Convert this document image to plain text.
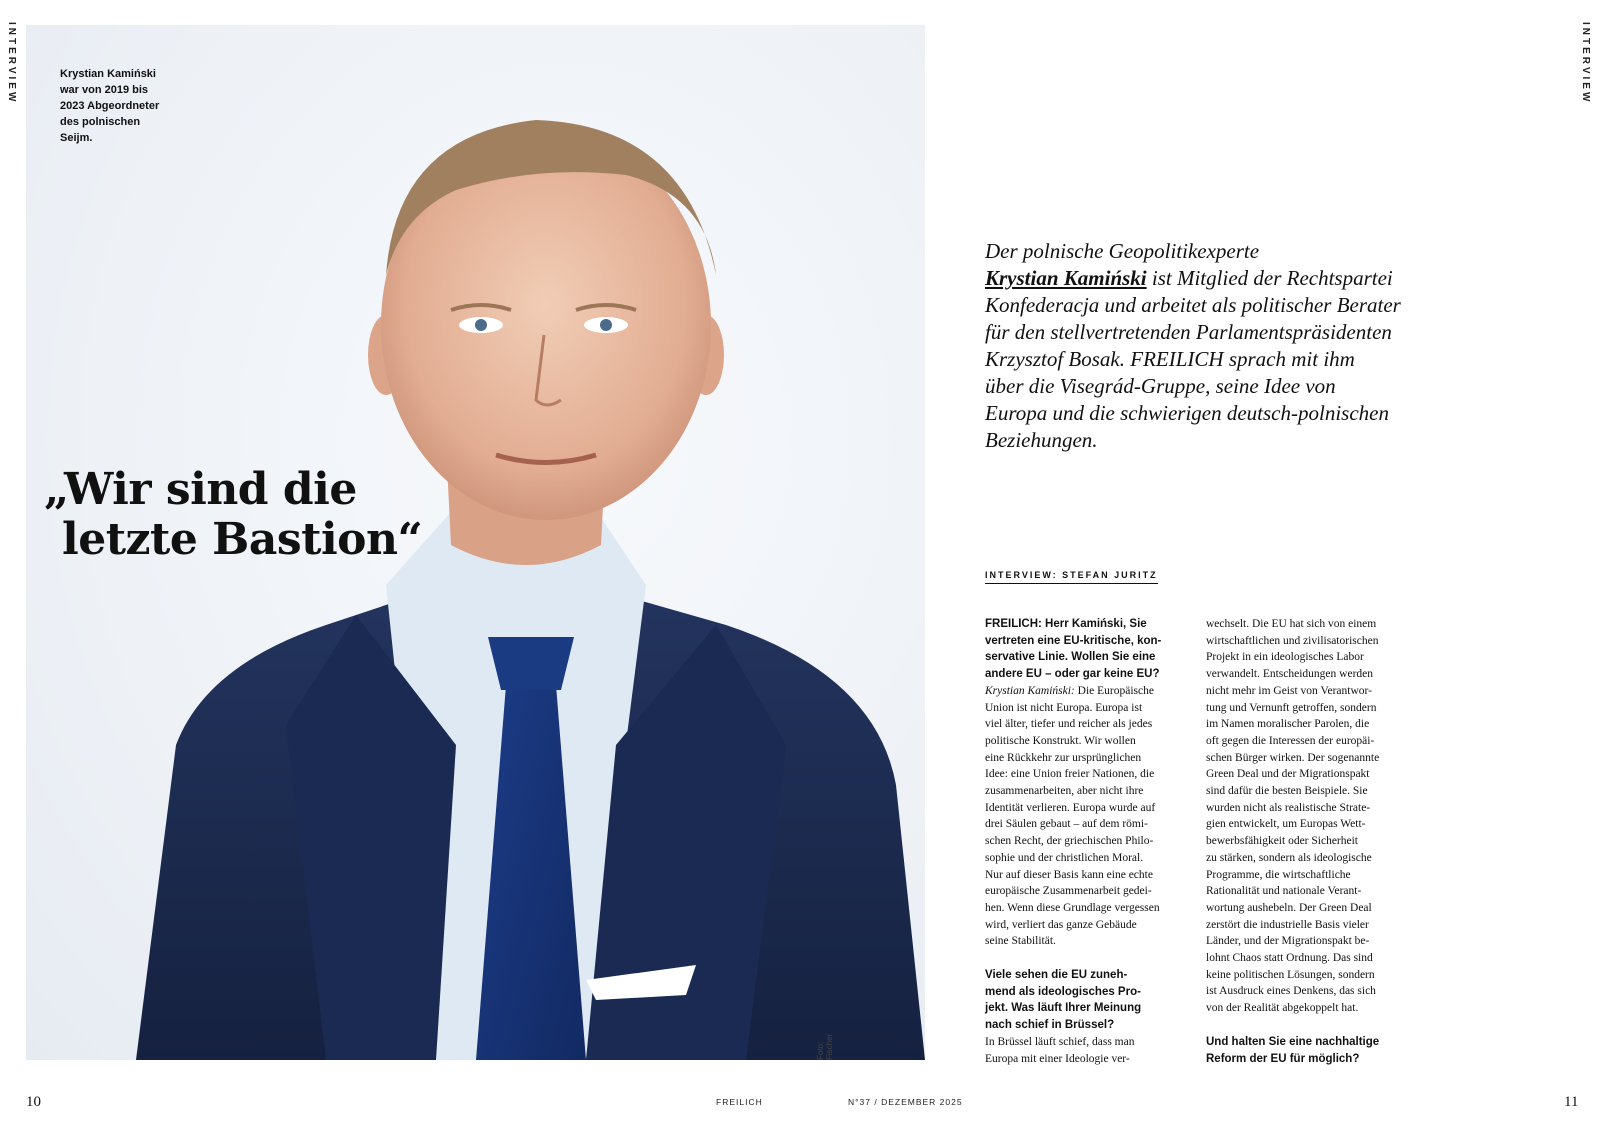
INTERVIEW	INTERVIEW
Krystian Kamiński
war von 2019 bis
2023 Abgeordneter
des polnischen
Seijm.
„Wir sind die
letzte Bastion“
Foto: Fischer
Der polnische Geopolitikexperte
Krystian Kamiński ist Mitglied der Rechtspartei
Konfederacja und arbeitet als politischer Berater
für den stellvertretenden Parlamentspräsidenten
Krzysztof Bosak. FREILICH sprach mit ihm
über die Visegrád-Gruppe, seine Idee von
Europa und die schwierigen deutsch-polnischen
Beziehungen.
INTERVIEW: STEFAN JURITZ
FREILICH: Herr Kamiński, Sie
vertreten eine EU-kritische, kon-
servative Linie. Wollen Sie eine
andere EU – oder gar keine EU?
Krystian Kamiński: Die Europäische
Union ist nicht Europa. Europa ist
viel älter, tiefer und reicher als jedes
politische Konstrukt. Wir wollen
eine Rückkehr zur ursprünglichen
Idee: eine Union freier Nationen, die
zusammenarbeiten, aber nicht ihre
Identität verlieren. Europa wurde auf
drei Säulen gebaut – auf dem römi-
schen Recht, der griechischen Philo-
sophie und der christlichen Moral.
Nur auf dieser Basis kann eine echte
europäische Zusammenarbeit gedei-
hen. Wenn diese Grundlage vergessen
wird, verliert das ganze Gebäude
seine Stabilität.
Viele sehen die EU zuneh-
mend als ideologisches Pro-
jekt. Was läuft Ihrer Meinung
nach schief in Brüssel?
In Brüssel läuft schief, dass man
Europa mit einer Ideologie ver-
wechselt. Die EU hat sich von einem
wirtschaftlichen und zivilisatorischen
Projekt in ein ideologisches Labor
verwandelt. Entscheidungen werden
nicht mehr im Geist von Verantwor-
tung und Vernunft getroffen, sondern
im Namen moralischer Parolen, die
oft gegen die Interessen der europäi-
schen Bürger wirken. Der sogenannte
Green Deal und der Migrationspakt
sind dafür die besten Beispiele. Sie
wurden nicht als realistische Strate-
gien entwickelt, um Europas Wett-
bewerbsfähigkeit oder Sicherheit
zu stärken, sondern als ideologische
Programme, die wirtschaftliche
Rationalität und nationale Verant-
wortung aushebeln. Der Green Deal
zerstört die industrielle Basis vieler
Länder, und der Migrationspakt be-
lohnt Chaos statt Ordnung. Das sind
keine politischen Lösungen, sondern
ist Ausdruck eines Denkens, das sich
von der Realität abgekoppelt hat.
Und halten Sie eine nachhaltige
Reform der EU für möglich?
10	FREILICH	N°37 / DEZEMBER 2025	11
